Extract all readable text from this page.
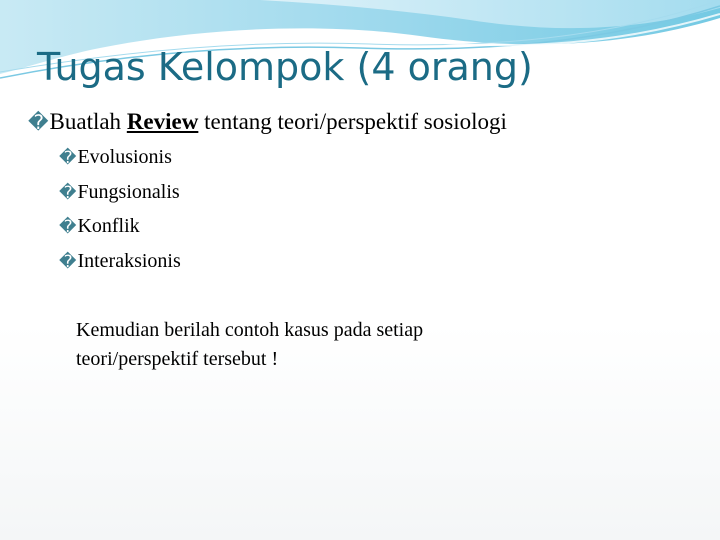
Tugas Kelompok (4 orang)
�Buatlah Review tentang teori/perspektif sosiologi
�Evolusionis
�Fungsionalis
�Konflik
�Interaksionis
Kemudian berilah contoh kasus pada setiap
teori/perspektif tersebut !
